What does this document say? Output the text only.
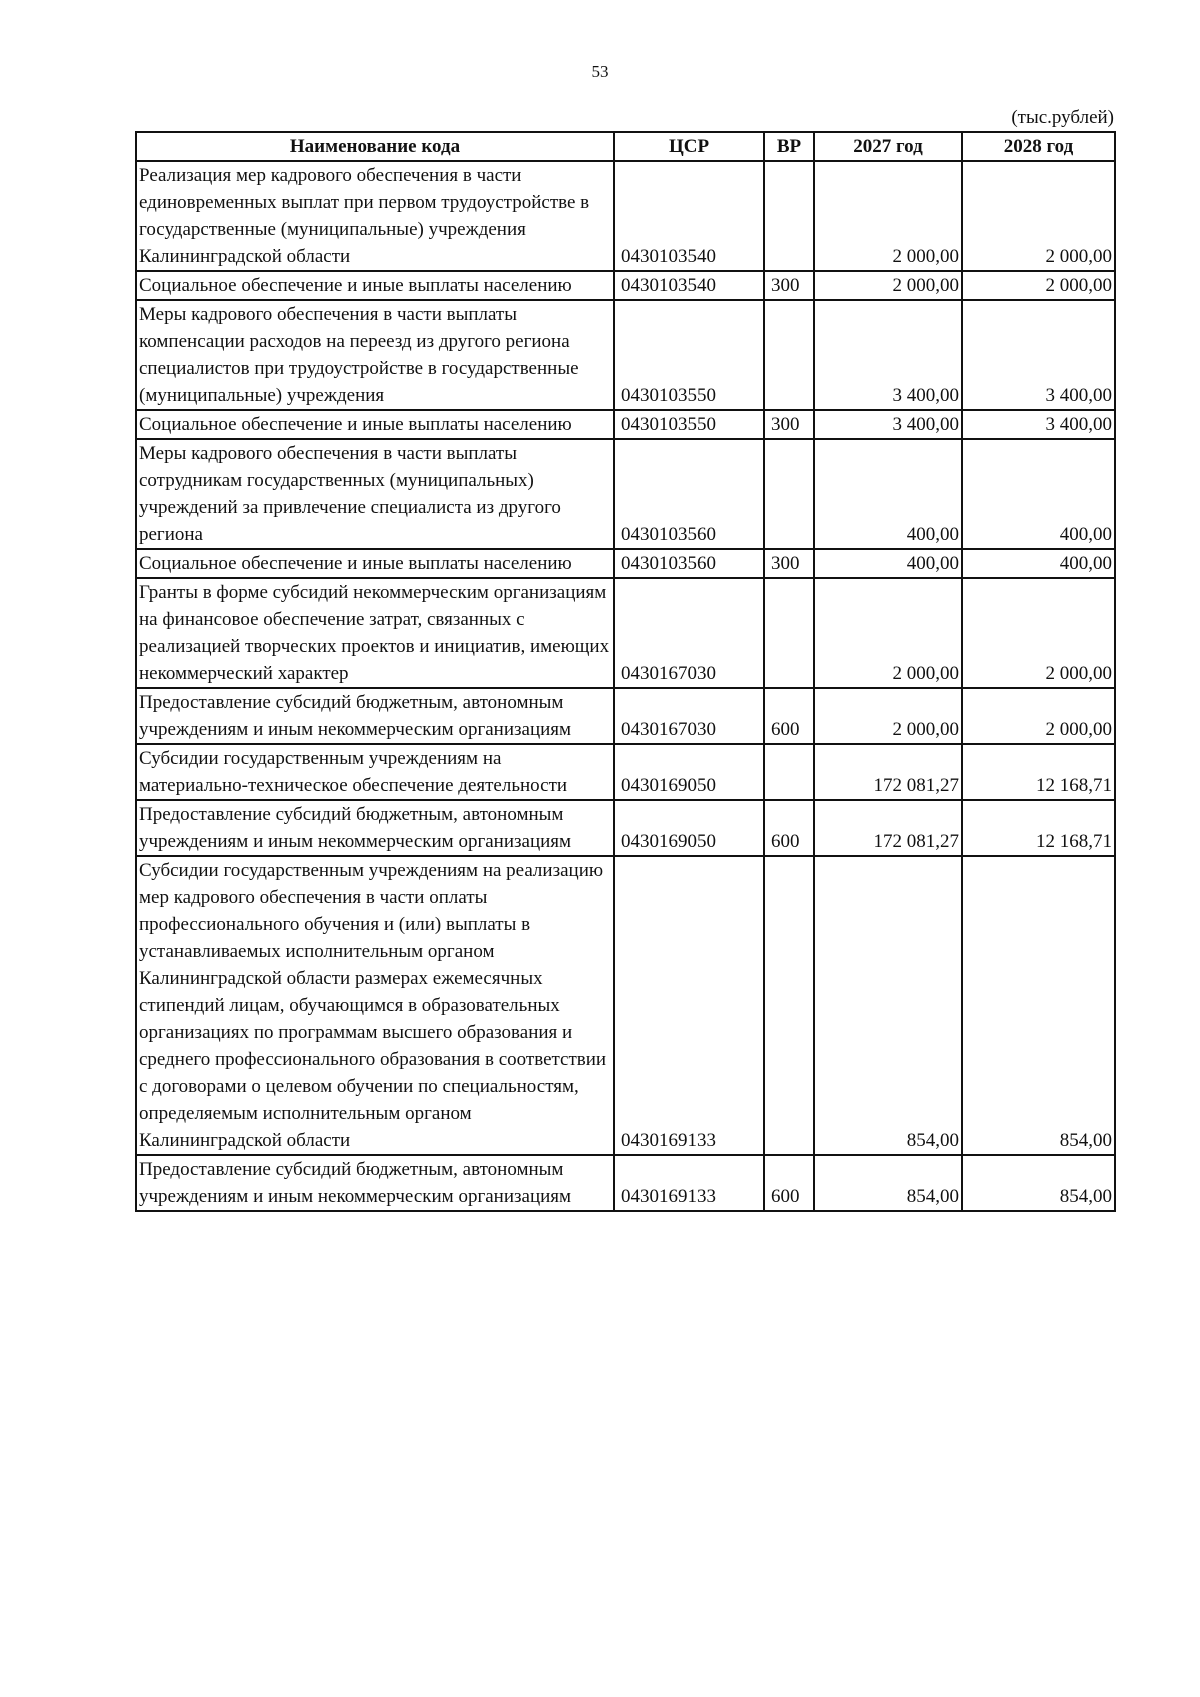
53
(тыс.рублей)
Наименование кода	ЦСР	ВР	2027 год	2028 год
Реализация мер кадрового обеспечения в части единовременных выплат при первом трудоустройстве в государственные (муниципальные) учреждения Калининградской области	0430103540		2 000,00	2 000,00
Социальное обеспечение и иные выплаты населению	0430103540	300	2 000,00	2 000,00
Меры кадрового обеспечения в части выплаты компенсации расходов на переезд из другого региона специалистов при трудоустройстве в государственные (муниципальные) учреждения	0430103550		3 400,00	3 400,00
Социальное обеспечение и иные выплаты населению	0430103550	300	3 400,00	3 400,00
Меры кадрового обеспечения в части выплаты сотрудникам государственных (муниципальных) учреждений за привлечение специалиста из другого региона	0430103560		400,00	400,00
Социальное обеспечение и иные выплаты населению	0430103560	300	400,00	400,00
Гранты в форме субсидий некоммерческим организациям на финансовое обеспечение затрат, связанных с реализацией творческих проектов и инициатив, имеющих некоммерческий характер	0430167030		2 000,00	2 000,00
Предоставление субсидий бюджетным, автономным учреждениям и иным некоммерческим организациям	0430167030	600	2 000,00	2 000,00
Субсидии государственным учреждениям на материально-техническое обеспечение деятельности	0430169050		172 081,27	12 168,71
Предоставление субсидий бюджетным, автономным учреждениям и иным некоммерческим организациям	0430169050	600	172 081,27	12 168,71
Субсидии государственным учреждениям на реализацию мер кадрового обеспечения в части оплаты профессионального обучения и (или) выплаты в устанавливаемых исполнительным органом Калининградской области размерах ежемесячных стипендий лицам, обучающимся в образовательных организациях по программам высшего образования и среднего профессионального образования в соответствии с договорами о целевом обучении по специальностям, определяемым исполнительным органом Калининградской области	0430169133		854,00	854,00
Предоставление субсидий бюджетным, автономным учреждениям и иным некоммерческим организациям	0430169133	600	854,00	854,00
